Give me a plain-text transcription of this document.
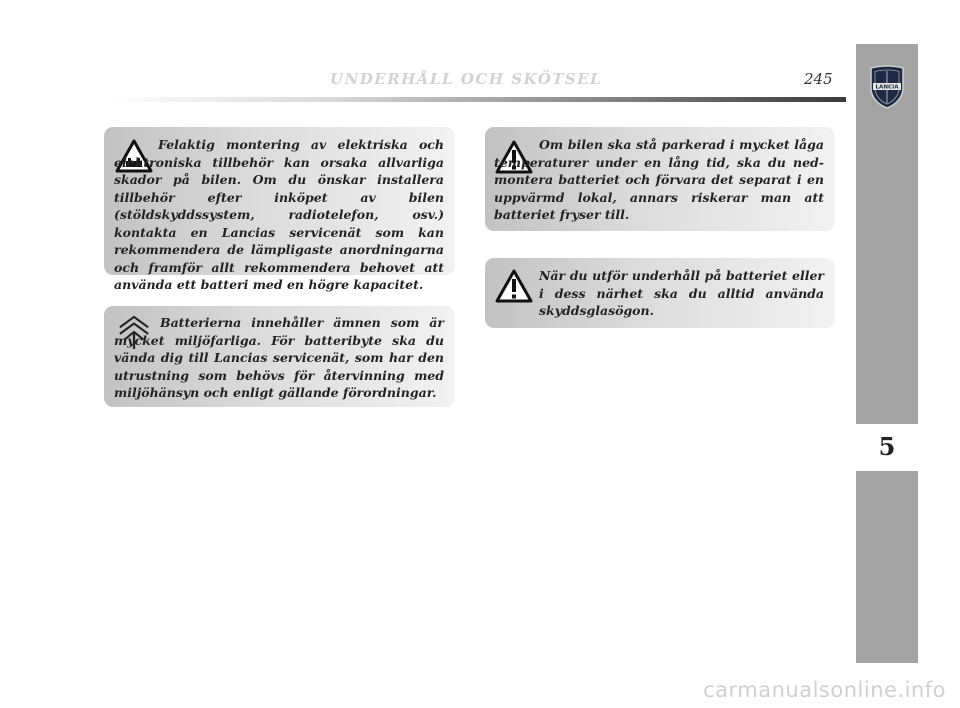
UNDERHÅLL OCH SKÖTSEL	245
5
LANCIA
Felaktig montering av elektriska och elektroniska tillbehör kan orsaka allvarliga skador på bilen. Om du önskar installera tillbehör efter inköpet av bilen (stöldskyddssystem, radiotelefon, osv.) kontakta en Lancias servicenät som kan rekommendera de lämpligaste anordningarna och framför allt rekommendera behovet att använda ett batteri med en högre kapacitet.
Batterierna innehåller ämnen som är mycket miljöfarliga. För batteribyte ska du vända dig till Lancias servicenät, som har den utrustning som behövs för återvinning med miljöhänsyn och enligt gällande förordningar.
Om bilen ska stå parkerad i mycket låga temperaturer under en lång tid, ska du nedmontera batteriet och förvara det separat i en uppvärmd lokal, annars riskerar man att batteriet fryser till.
När du utför underhåll på batteriet eller i dess närhet ska du alltid använda skyddsglasögon.
carmanualsonline.info
